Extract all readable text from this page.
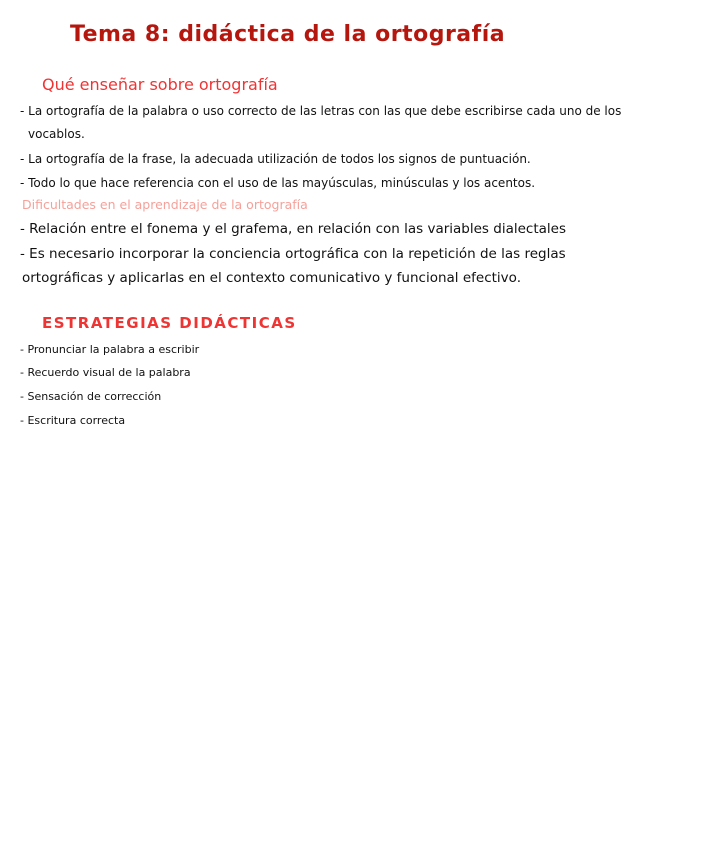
Tema 8: didáctica de la ortografía
Qué enseñar sobre ortografía
- La ortografía de la palabra o uso correcto de las letras con las que debe escribirse cada uno de los
vocablos.
- La ortografía de la frase, la adecuada utilización de todos los signos de puntuación.
- Todo lo que hace referencia con el uso de las mayúsculas, minúsculas y los acentos.
Dificultades en el aprendizaje de la ortografía
- Relación entre el fonema y el grafema, en relación con las variables dialectales
- Es necesario incorporar la conciencia ortográfica con la repetición de las reglas
ortográficas y aplicarlas en el contexto comunicativo y funcional efectivo.
ESTRATEGIAS DIDÁCTICAS
- Pronunciar la palabra a escribir
- Recuerdo visual de la palabra
- Sensación de corrección
- Escritura correcta
